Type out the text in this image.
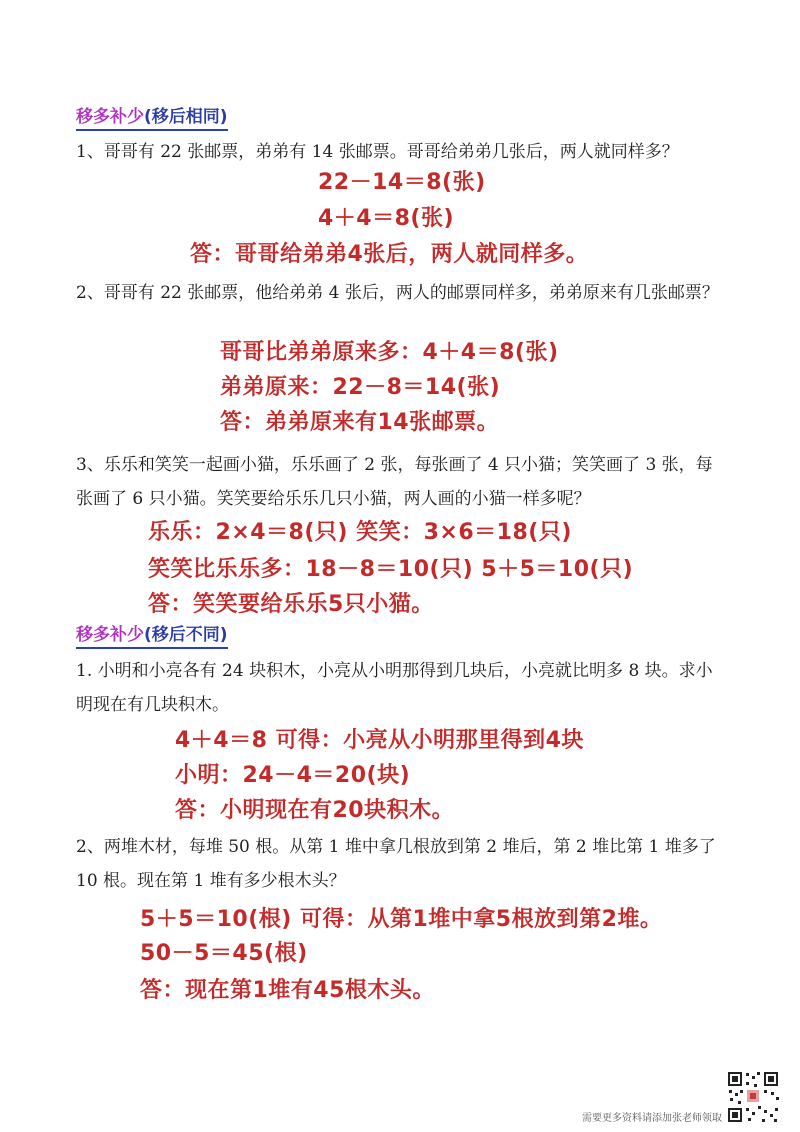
移多补少(移后相同)
1、哥哥有 22 张邮票，弟弟有 14 张邮票。哥哥给弟弟几张后，两人就同样多？
22－14＝8(张)
4＋4＝8(张)
答：哥哥给弟弟4张后，两人就同样多。
2、哥哥有 22 张邮票，他给弟弟 4 张后，两人的邮票同样多，弟弟原来有几张邮票？
哥哥比弟弟原来多：4＋4＝8(张)
弟弟原来：22－8＝14(张)
答：弟弟原来有14张邮票。
3、乐乐和笑笑一起画小猫，乐乐画了 2 张，每张画了 4 只小猫；笑笑画了 3 张，每张画了 6 只小猫。笑笑要给乐乐几只小猫，两人画的小猫一样多呢？
乐乐：2×4＝8(只) 笑笑：3×6＝18(只)
笑笑比乐乐多：18－8＝10(只) 5＋5＝10(只)
答：笑笑要给乐乐5只小猫。
移多补少(移后不同)
1. 小明和小亮各有 24 块积木，小亮从小明那得到几块后，小亮就比明多 8 块。求小明现在有几块积木。
4＋4＝8 可得：小亮从小明那里得到4块
小明：24－4＝20(块)
答：小明现在有20块积木。
2、两堆木材，每堆 50 根。从第 1 堆中拿几根放到第 2 堆后，第 2 堆比第 1 堆多了 10 根。现在第 1 堆有多少根木头？
5＋5＝10(根) 可得：从第1堆中拿5根放到第2堆。
50－5＝45(根)
答：现在第1堆有45根木头。
需要更多资料请添加张老师领取
